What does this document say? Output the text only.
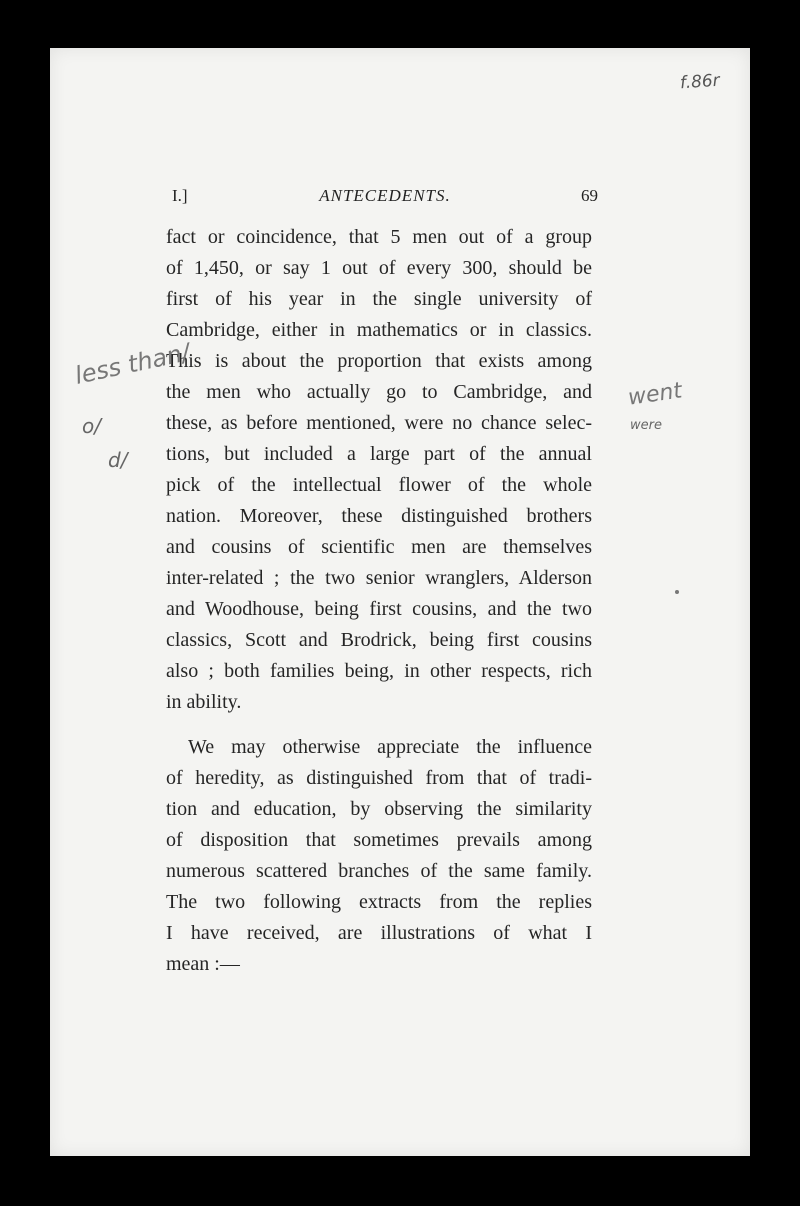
f.86r
I.]	ANTECEDENTS.	69
fact or coincidence, that 5 men out of a group
of 1,450, or say 1 out of every 300, should be
first of his year in the single university of
Cambridge, either in mathematics or in classics.
This is about the proportion that exists among
the men who actually go to Cambridge, and
these, as before mentioned, were no chance selec-
tions, but included a large part of the annual
pick of the intellectual flower of the whole
nation. Moreover, these distinguished brothers
and cousins of scientific men are themselves
inter-related ; the two senior wranglers, Alderson
and Woodhouse, being first cousins, and the two
classics, Scott and Brodrick, being first cousins
also ; both families being, in other respects, rich
in ability.
We may otherwise appreciate the influence
of heredity, as distinguished from that of tradi-
tion and education, by observing the similarity
of disposition that sometimes prevails among
numerous scattered branches of the same family.
The two following extracts from the replies
I have received, are illustrations of what I
mean :—
less than/
went
o/	were
d/
